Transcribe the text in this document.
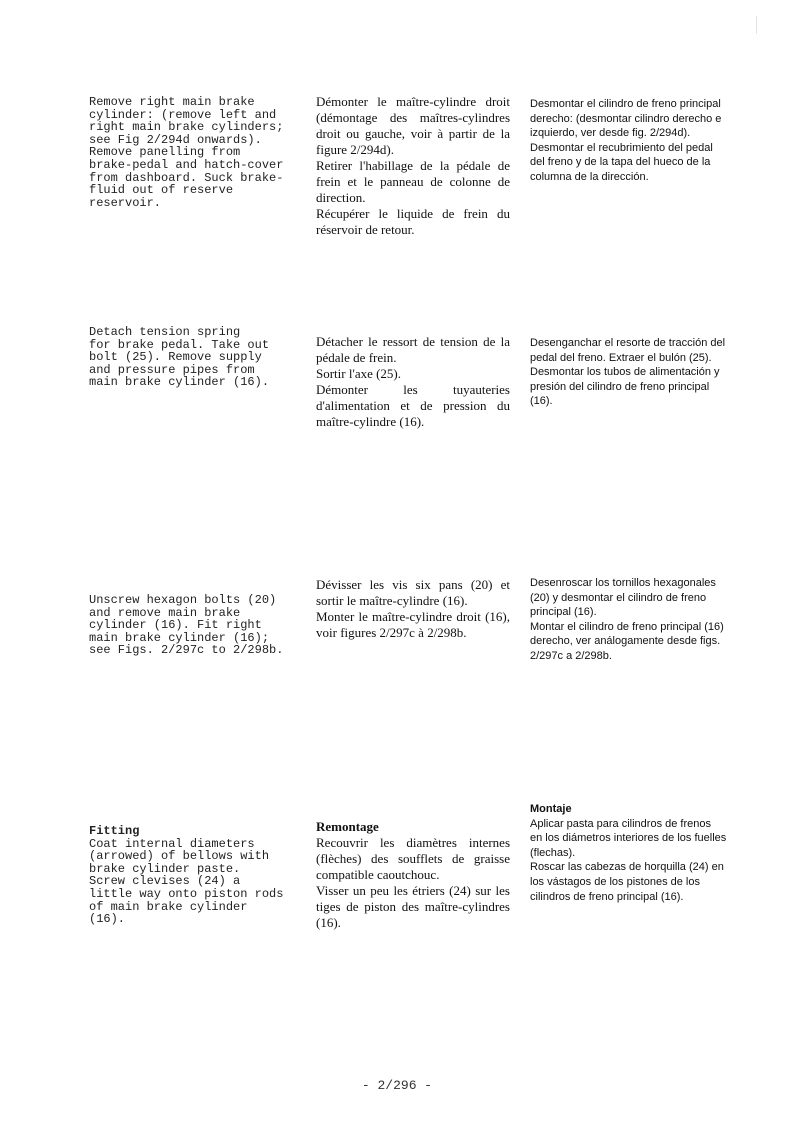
Remove right main brake
cylinder: (remove left and
right main brake cylinders;
see Fig 2/294d onwards).
Remove panelling from
brake-pedal and hatch-cover
from dashboard. Suck brake-
fluid out of reserve
reservoir.
Démonter le maître-cylindre droit (démontage des maîtres-cylindres droit ou gauche, voir à partir de la figure 2/294d).
Retirer l'habillage de la pédale de frein et le panneau de colonne de direction.
Récupérer le liquide de frein du réservoir de retour.
Desmontar el cilindro de freno principal
derecho: (desmontar cilindro derecho e
izquierdo, ver desde fig. 2/294d).
Desmontar el recubrimiento del pedal
del freno y de la tapa del hueco de la
columna de la dirección.
Detach tension spring
for brake pedal. Take out
bolt (25). Remove supply
and pressure pipes from
main brake cylinder (16).
Détacher le ressort de tension de la pédale de frein.
Sortir l'axe (25).
Démonter les tuyauteries d'alimentation et de pression du maître-cylindre (16).
Desenganchar el resorte de tracción del
pedal del freno. Extraer el bulón (25).
Desmontar los tubos de alimentación y
presión del cilindro de freno principal
(16).
Unscrew hexagon bolts (20)
and remove main brake
cylinder (16). Fit right
main brake cylinder (16);
see Figs. 2/297c to 2/298b.
Dévisser les vis six pans (20) et sortir le maître-cylindre (16).
Monter le maître-cylindre droit (16), voir figures 2/297c à 2/298b.
Desenroscar los tornillos hexagonales
(20) y desmontar el cilindro de freno
principal (16).
Montar el cilindro de freno principal (16)
derecho, ver análogamente desde figs.
2/297c a 2/298b.
Fitting
Coat internal diameters
(arrowed) of bellows with
brake cylinder paste.
Screw clevises (24) a
little way onto piston rods
of main brake cylinder
(16).
Remontage
Recouvrir les diamètres internes (flèches) des soufflets de graisse compatible caoutchouc.
Visser un peu les étriers (24) sur les tiges de piston des maître-cylindres (16).
Montaje
Aplicar pasta para cilindros de frenos
en los diámetros interiores de los fuelles
(flechas).
Roscar las cabezas de horquilla (24) en
los vástagos de los pistones de los
cilindros de freno principal (16).
- 2/296 -
